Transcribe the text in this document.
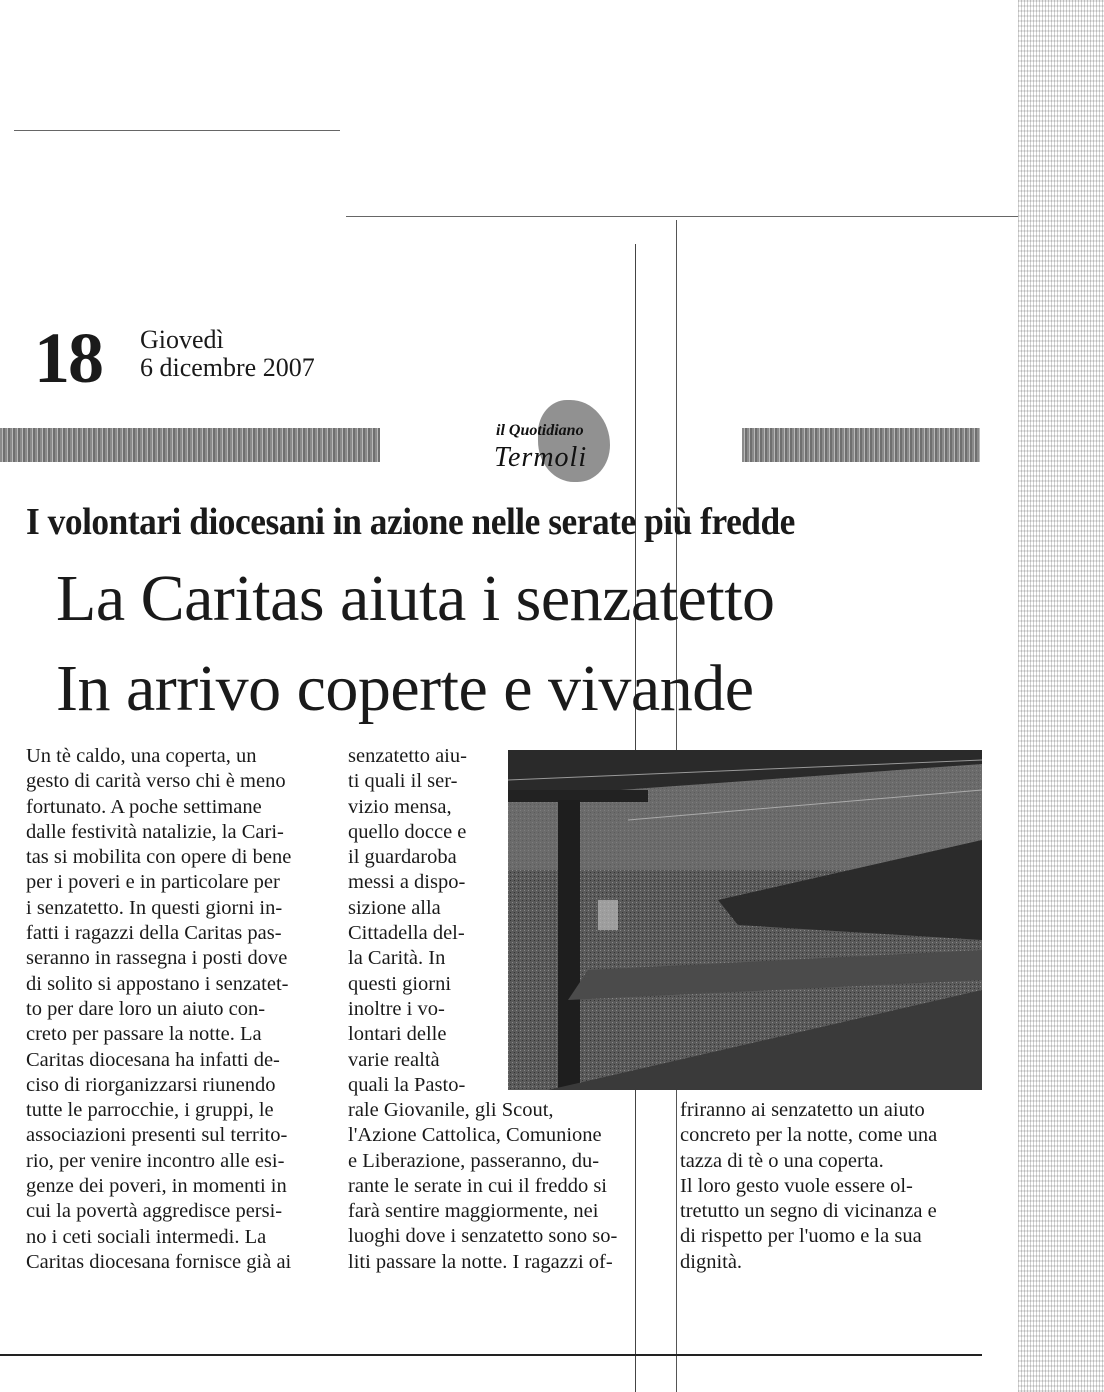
18 Giovedì
6 dicembre 2007
il Quotidiano
Termoli
I volontari diocesani in azione nelle serate più fredde
La Caritas aiuta i senzatetto
In arrivo coperte e vivande

Un tè caldo, una coperta, un

gesto di carità verso chi è meno

fortunato. A poche settimane

dalle festività natalizie, la Cari-

tas si mobilita con opere di bene

per i poveri e in particolare per

i senzatetto. In questi giorni in-

fatti i ragazzi della Caritas pas-

seranno in rassegna i posti dove

di solito si appostano i senzatet-

to per dare loro un aiuto con-

creto per passare la notte. La

Caritas diocesana ha infatti de-

ciso di riorganizzarsi riunendo

tutte le parrocchie, i gruppi, le

associazioni presenti sul territo-

rio, per venire incontro alle esi-

genze dei poveri, in momenti in

cui la povertà aggredisce persi-

no i ceti sociali intermedi. La

Caritas diocesana fornisce già ai

senzatetto aiu-

ti quali il ser-

vizio mensa,

quello docce e

il guardaroba

messi a dispo-

sizione alla

Cittadella del-

la Carità. In

questi giorni

inoltre i vo-

lontari delle

varie realtà

quali la Pasto-

rale Giovanile, gli Scout,

l'Azione Cattolica, Comunione

e Liberazione, passeranno, du-

rante le serate in cui il freddo si

farà sentire maggiormente, nei

luoghi dove i senzatetto sono so-

liti passare la notte. I ragazzi of-

friranno ai senzatetto un aiuto

concreto per la notte, come una

tazza di tè o una coperta.

Il loro gesto vuole essere ol-

tretutto un segno di vicinanza e

di rispetto per l'uomo e la sua

dignità.
